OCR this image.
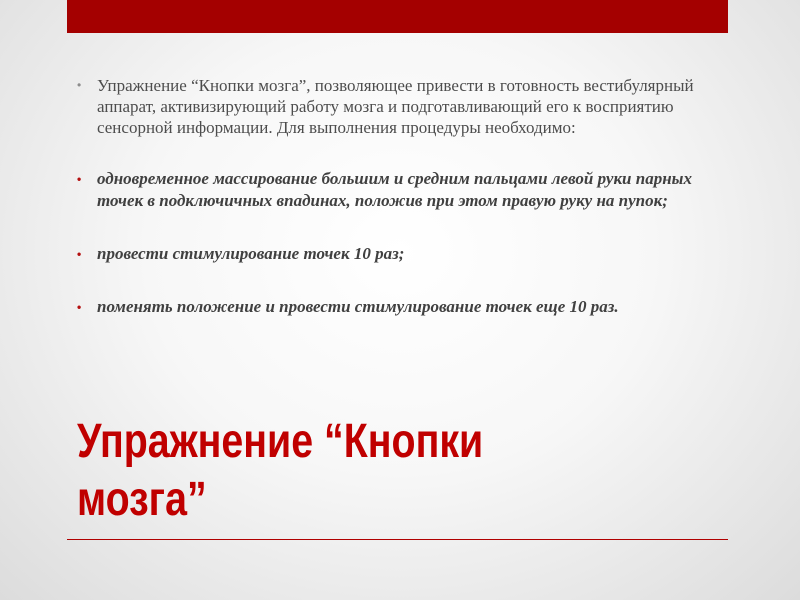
• Упражнение “Кнопки мозга”, позволяющее привести в готовность вестибулярный аппарат, активизирующий работу мозга и подготавливающий его к восприятию сенсорной информации. Для выполнения процедуры необходимо:
• одновременное массирование большим и средним пальцами левой руки парных точек в подключичных впадинах, положив при этом правую руку на пупок;
• провести стимулирование точек 10 раз;
• поменять положение и провести стимулирование точек еще 10 раз.
Упражнение “Кнопки
мозга”
